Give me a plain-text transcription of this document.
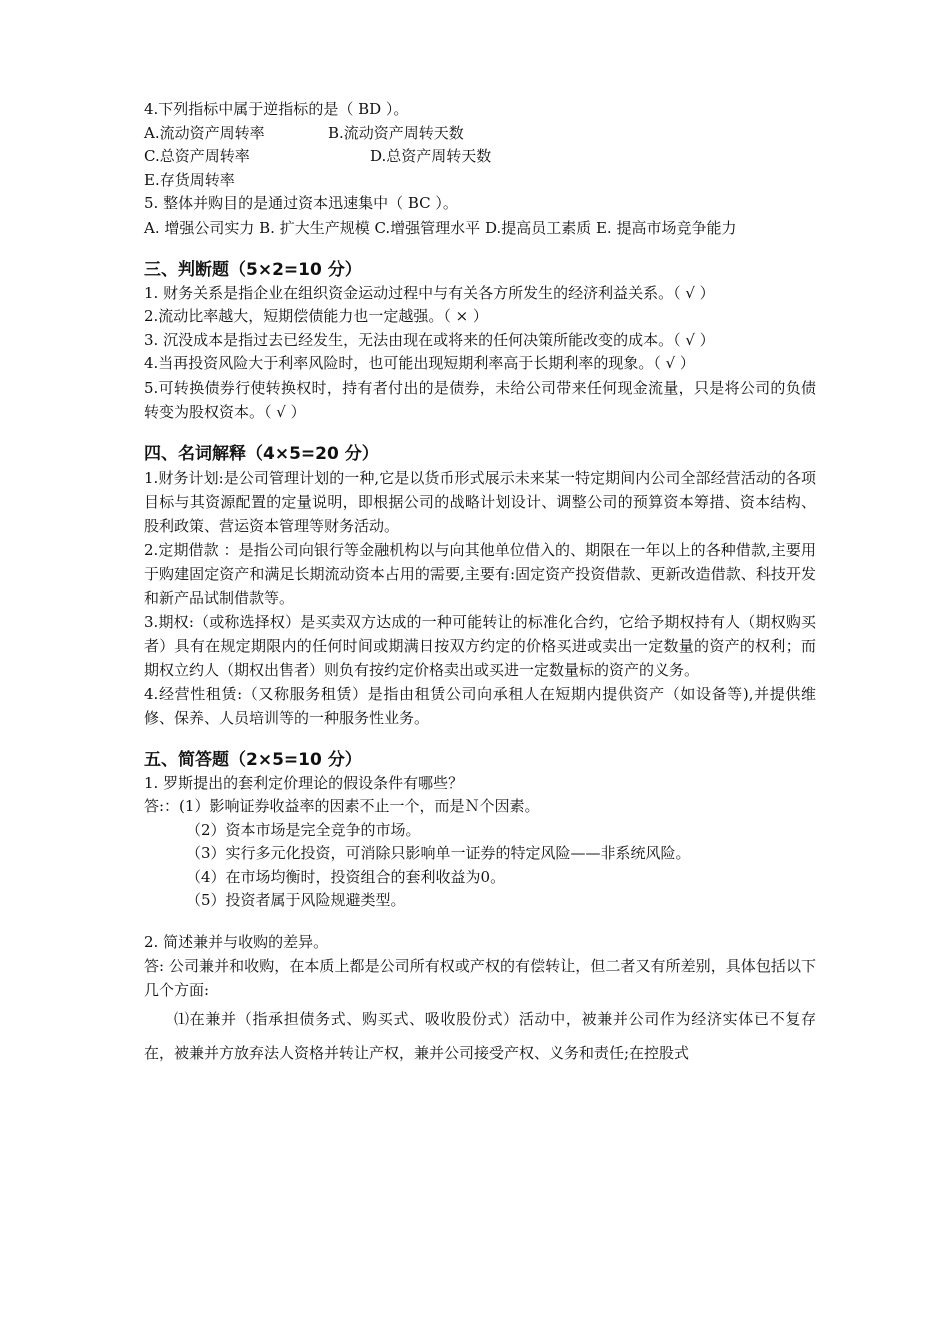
4.下列指标中属于逆指标的是（ BD ）。

A.流动资产周转率	B.流动资产周转天数

C.总资产周转率	D.总资产周转天数

E.存货周转率

5. 整体并购目的是通过资本迅速集中（ BC ）。

A. 增强公司实力 B. 扩大生产规模 C.增强管理水平 D.提高员工素质 E. 提高市场竞争能力

三、判断题（5×2=10 分）

1. 财务关系是指企业在组织资金运动过程中与有关各方所发生的经济利益关系。（ √ ）

2.流动比率越大，短期偿债能力也一定越强。（ × ）

3. 沉没成本是指过去已经发生，无法由现在或将来的任何决策所能改变的成本。（ √ ）

4.当再投资风险大于利率风险时，也可能出现短期利率高于长期利率的现象。（ √ ）

5.可转换债券行使转换权时，持有者付出的是债券，未给公司带来任何现金流量，只是将公司的负债转变为股权资本。（ √ ）

四、名词解释（4×5=20 分）

1.财务计划:是公司管理计划的一种,它是以货币形式展示未来某一特定期间内公司全部经营活动的各项目标与其资源配置的定量说明，即根据公司的战略计划设计、调整公司的预算资本筹措、资本结构、股利政策、营运资本管理等财务活动。

2.定期借款 ：是指公司向银行等金融机构以与向其他单位借入的、期限在一年以上的各种借款,主要用于购建固定资产和满足长期流动资本占用的需要,主要有:固定资产投资借款、更新改造借款、科技开发和新产品试制借款等。

3.期权:（或称选择权）是买卖双方达成的一种可能转让的标准化合约，它给予期权持有人（期权购买者）具有在规定期限内的任何时间或期满日按双方约定的价格买进或卖出一定数量的资产的权利；而期权立约人（期权出售者）则负有按约定价格卖出或买进一定数量标的资产的义务。

4.经营性租赁:（又称服务租赁）是指由租赁公司向承租人在短期内提供资产（如设备等),并提供维修、保养、人员培训等的一种服务性业务。

五、简答题（2×5=10 分）

1. 罗斯提出的套利定价理论的假设条件有哪些？

答:：(1）影响证券收益率的因素不止一个，而是Ｎ个因素。

（2）资本市场是完全竞争的市场。

（3）实行多元化投资，可消除只影响单一证券的特定风险——非系统风险。

（4）在市场均衡时，投资组合的套利收益为0。

（5）投资者属于风险规避类型。

2. 简述兼并与收购的差异。

答: 公司兼并和收购，在本质上都是公司所有权或产权的有偿转让，但二者又有所差别，具体包括以下几个方面:

⑴在兼并（指承担债务式、购买式、吸收股份式）活动中，被兼并公司作为经济实体已不复存在，被兼并方放弃法人资格并转让产权，兼并公司接受产权、义务和责任;在控股式
